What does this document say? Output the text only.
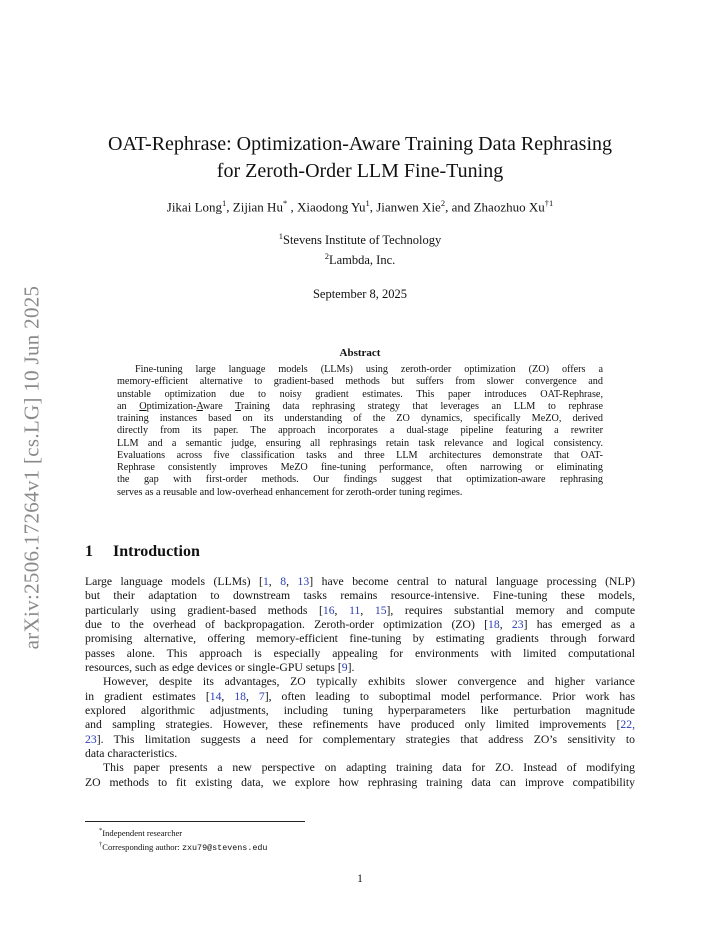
arXiv:2506.17264v1 [cs.LG] 10 Jun 2025
OAT-Rephrase: Optimization-Aware Training Data Rephrasing
for Zeroth-Order LLM Fine-Tuning
Jikai Long$^1$, Zijian Hu* , Xiaodong Yu$^1$, Jianwen Xie$^2$, and Zhaozhuo Xu$^{\dagger 1}$
$^1$Stevens Institute of Technology
$^2$Lambda, Inc.
September 8, 2025
Abstract
Fine-tuning large language models (LLMs) using zeroth-order optimization (ZO) offers a
memory-efficient alternative to gradient-based methods but suffers from slower convergence and
unstable optimization due to noisy gradient estimates. This paper introduces OAT-Rephrase,
an Optimization-Aware Training data rephrasing strategy that leverages an LLM to rephrase
training instances based on its understanding of the ZO dynamics, specifically MeZO, derived
directly from its paper. The approach incorporates a dual-stage pipeline featuring a rewriter
LLM and a semantic judge, ensuring all rephrasings retain task relevance and logical consistency.
Evaluations across five classification tasks and three LLM architectures demonstrate that OAT-
Rephrase consistently improves MeZO fine-tuning performance, often narrowing or eliminating
the gap with first-order methods. Our findings suggest that optimization-aware rephrasing
serves as a reusable and low-overhead enhancement for zeroth-order tuning regimes.
1 Introduction
Large language models (LLMs) [1, 8, 13] have become central to natural language processing (NLP)
but their adaptation to downstream tasks remains resource-intensive. Fine-tuning these models,
particularly using gradient-based methods [16, 11, 15], requires substantial memory and compute
due to the overhead of backpropagation. Zeroth-order optimization (ZO) [18, 23] has emerged as a
promising alternative, offering memory-efficient fine-tuning by estimating gradients through forward
passes alone. This approach is especially appealing for environments with limited computational
resources, such as edge devices or single-GPU setups [9].
However, despite its advantages, ZO typically exhibits slower convergence and higher variance
in gradient estimates [14, 18, 7], often leading to suboptimal model performance. Prior work has
explored algorithmic adjustments, including tuning hyperparameters like perturbation magnitude
and sampling strategies. However, these refinements have produced only limited improvements [22,
23]. This limitation suggests a need for complementary strategies that address ZO’s sensitivity to
data characteristics.
This paper presents a new perspective on adapting training data for ZO. Instead of modifying
ZO methods to fit existing data, we explore how rephrasing training data can improve compatibility
*Independent researcher
†Corresponding author: zxu79@stevens.edu
1
